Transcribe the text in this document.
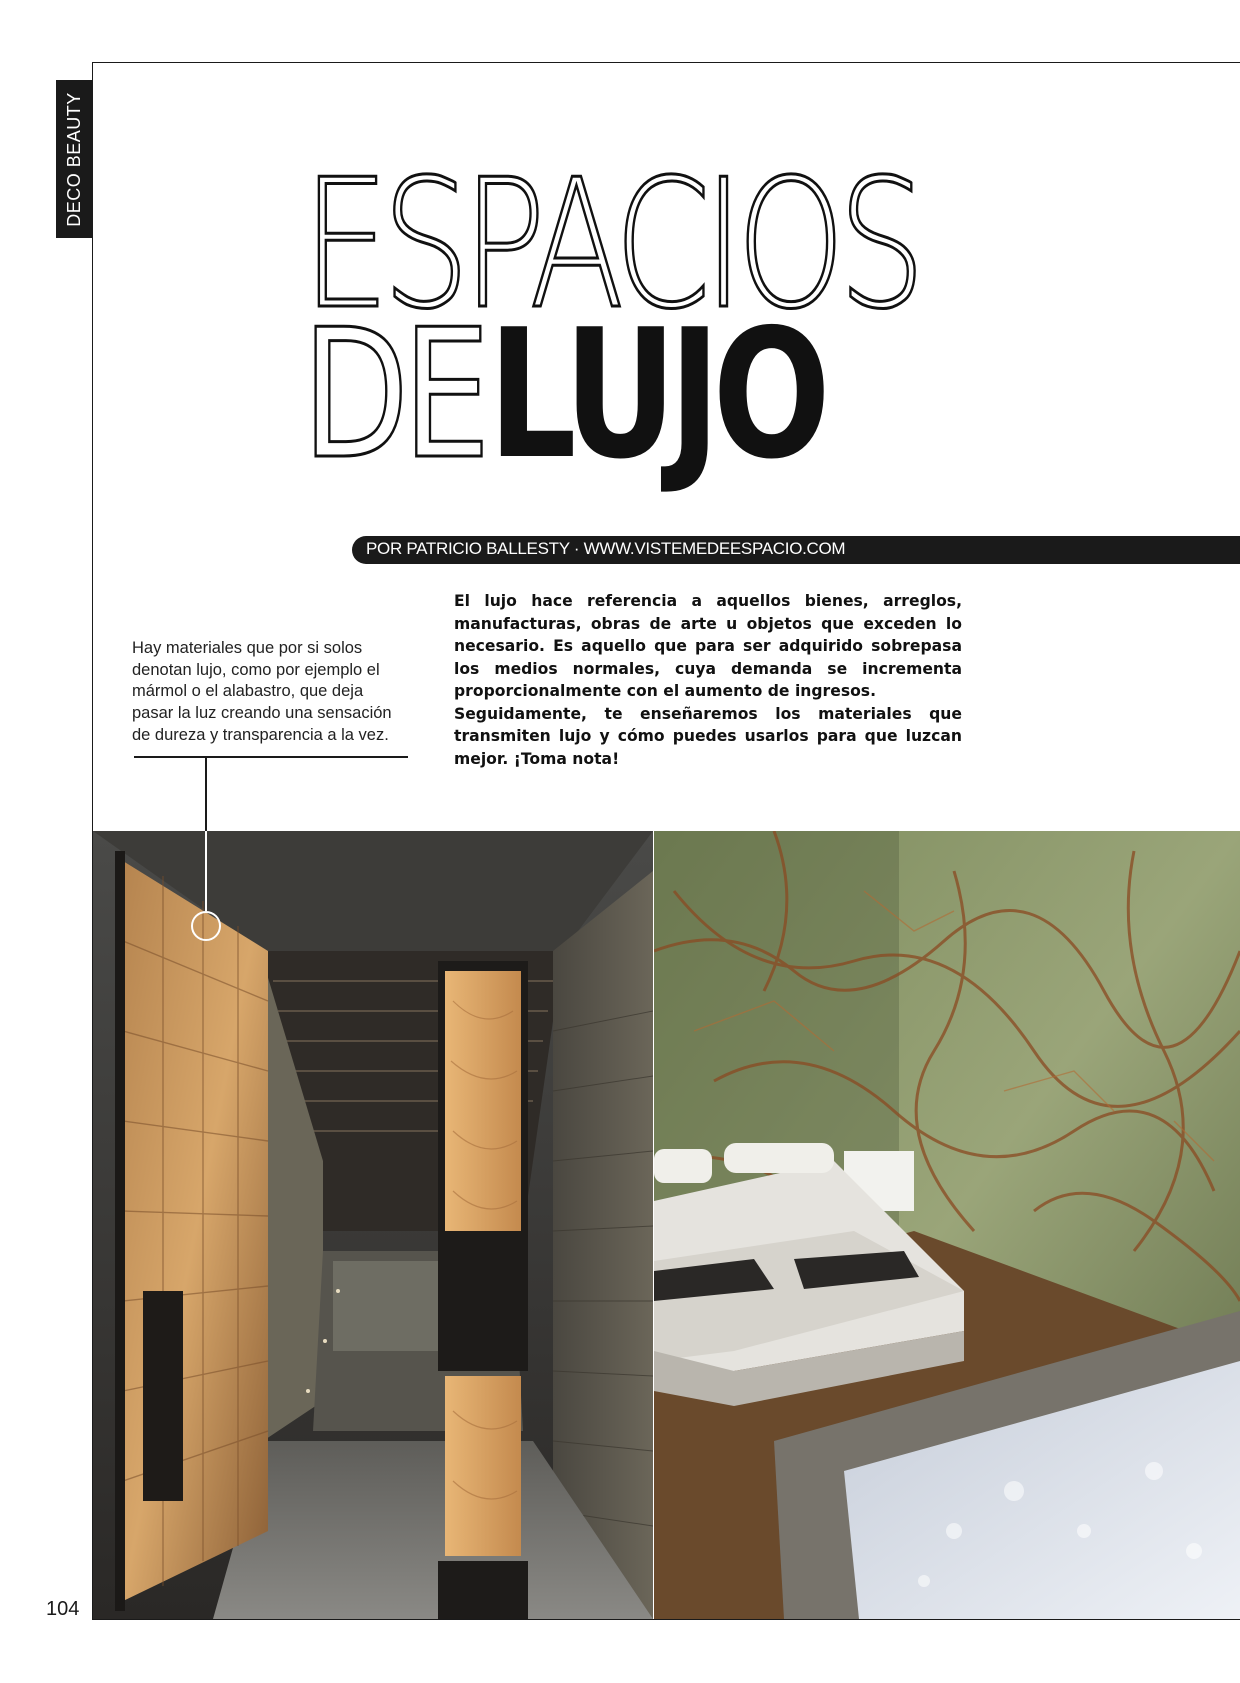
DECO BEAUTY ESPACIOS
DE LUJO
POR PATRICIO BALLESTY · WWW.VISTEMEDEESPACIO.COM

El lujo hace referencia a aquellos bienes, arreglos, manufacturas, obras de arte u objetos que exceden lo necesario. Es aquello que para ser adquirido sobrepasa los medios normales, cuya demanda se incrementa proporcionalmente con el aumento de ingresos.

Seguidamente, te enseñaremos los materiales que transmiten lujo y cómo puedes usarlos para que luzcan mejor. ¡Toma nota!

Hay materiales que por si solos denotan lujo, como por ejemplo el mármol o el alabastro, que deja pasar la luz creando una sensación de dureza y transparencia a la vez.
104
